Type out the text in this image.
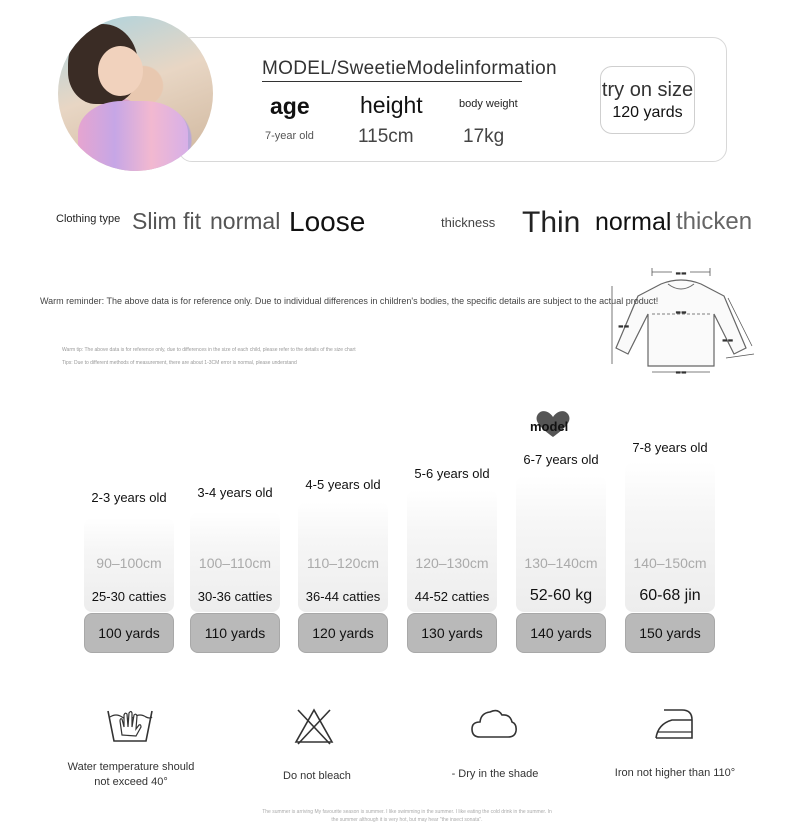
MODEL/SweetieModelinformation
age height	body weight
7-year old 115cm	17kg
try on size
120 yards
Clothing type Slim fit normal Loose	thickness Thin normal thicken
▬▬
▬▬
▬▬
▬▬
▬▬
Warm reminder: The above data is for reference only. Due to individual differences in children's bodies, the specific details are subject to the actual product!
Warm tip: The above data is for reference only, due to differences in the size of each child, please refer to the details of the size chart
Tips: Due to different methods of measurement, there are about 1-3CM error is normal, please understand
model
2-3 years old
90–100cm
25-30 catties
100 yards
3-4 years old
100–110cm
30-36 catties
110 yards
4-5 years old
110–120cm
36-44 catties
120 yards
5-6 years old
120–130cm
44-52 catties
130 yards
6-7 years old
130–140cm
52-60 kg
140 yards
7-8 years old
140–150cm
60-68 jin
150 yards
Water temperature should not exceed 40°	Do not bleach	- Dry in the shade	Iron not higher than 110°
The summer is arriving My favourite season is summer. I like swimming in the summer. I like eating the cold drink in the summer. In the summer although it is very hot, but may hear "the insect sonata".
